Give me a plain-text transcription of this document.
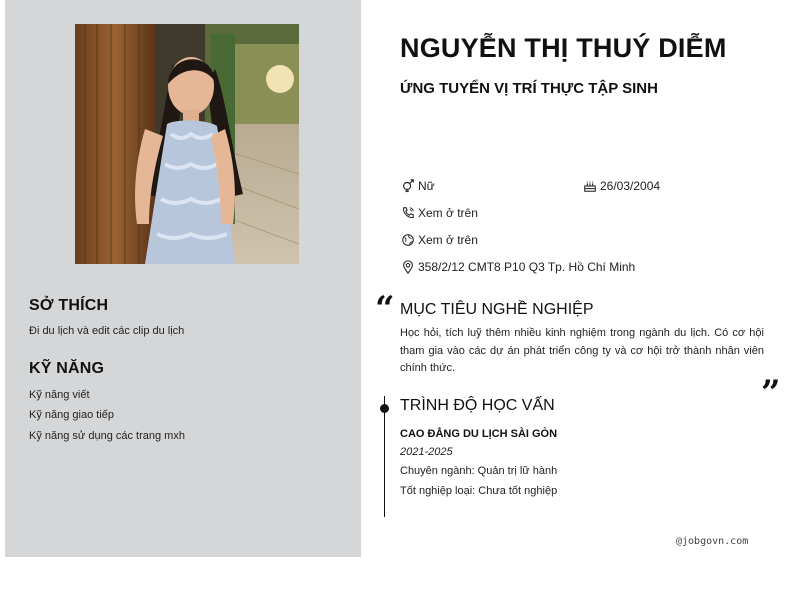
SỞ THÍCH
Đi du lịch và edit các clip du lịch
KỸ NĂNG
Kỹ năng viết
Kỹ năng giao tiếp
Kỹ năng sử dụng các trang mxh
NGUYỄN THỊ THUÝ DIỄM
ỨNG TUYỂN VỊ TRÍ THỰC TẬP SINH
Nữ	26/03/2004
Xem ở trên
Xem ở trên
358/2/12 CMT8 P10 Q3 Tp. Hồ Chí Minh
“ MỤC TIÊU NGHỀ NGHIỆP
Học hỏi, tích luỹ thêm nhiều kinh nghiệm trong ngành du lịch. Có cơ hội tham gia vào các dự án phát triển công ty và cơ hội trở thành nhân viên chính thức.
”
TRÌNH ĐỘ HỌC VẤN
CAO ĐẲNG DU LỊCH SÀI GÒN
2021-2025
Chuyên ngành: Quản trị lữ hành
Tốt nghiệp loại: Chưa tốt nghiệp
@jobgovn.com
